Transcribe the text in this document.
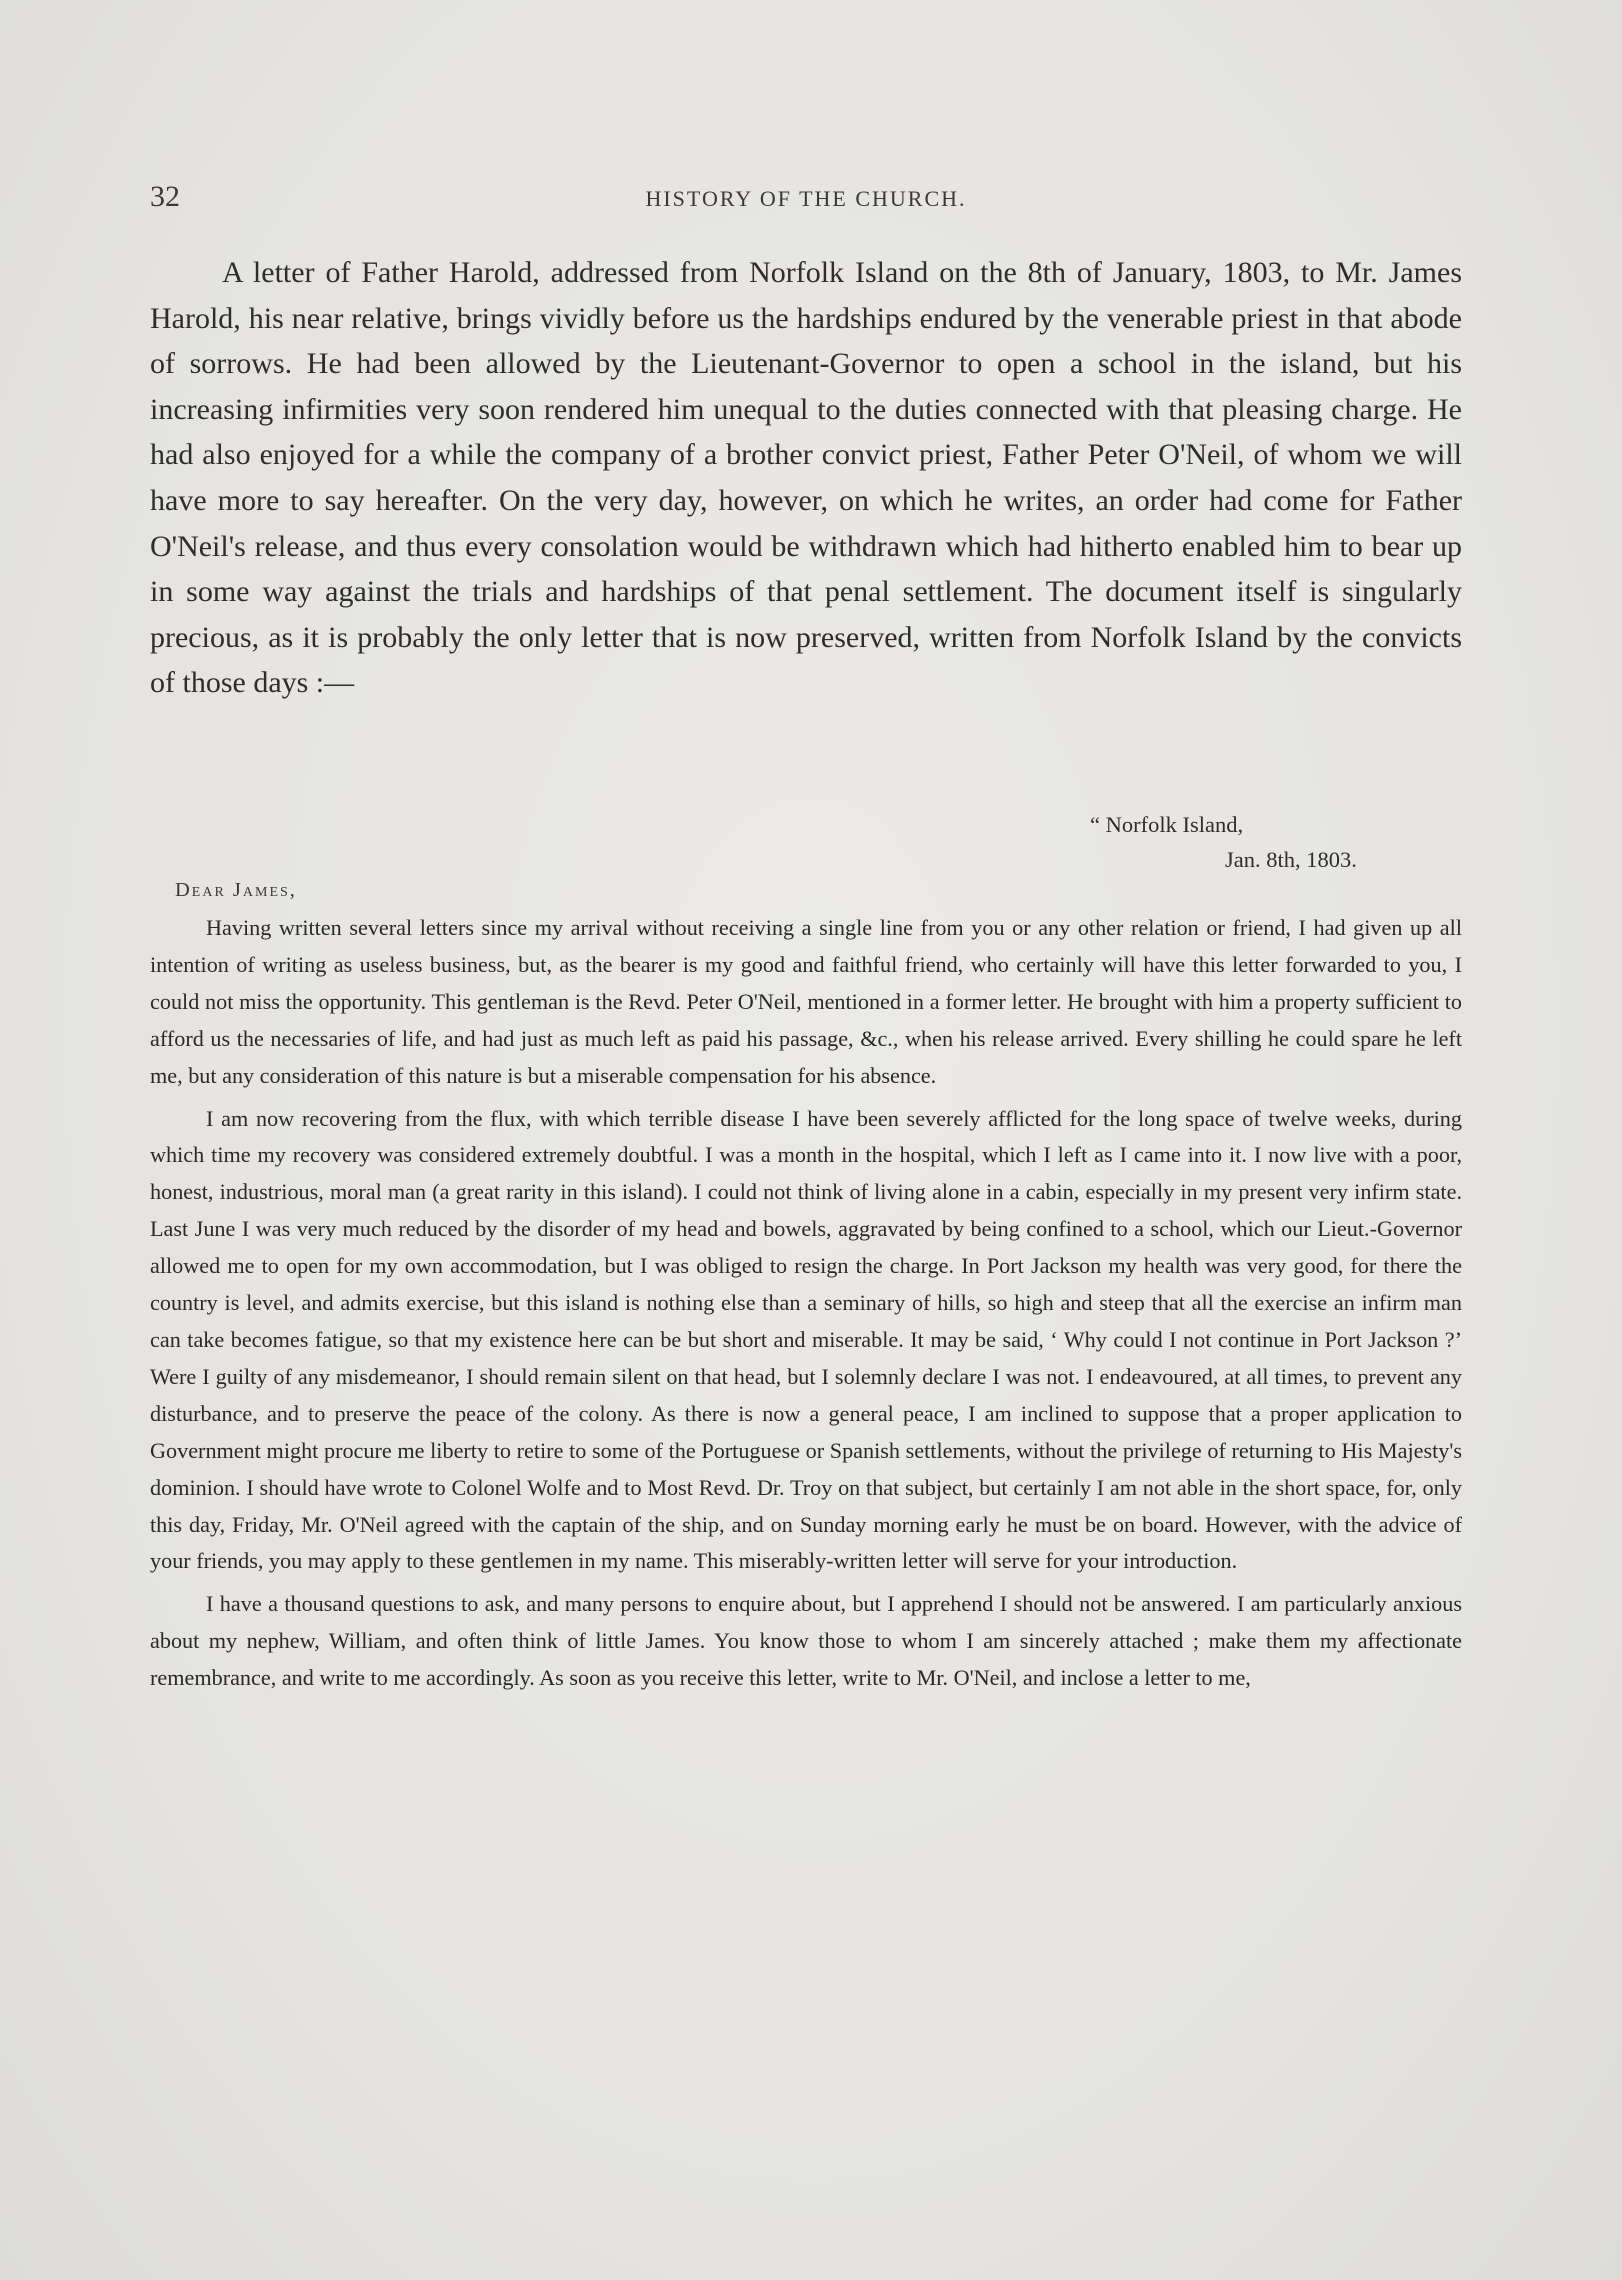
32	HISTORY OF THE CHURCH.

A letter of Father Harold, addressed from Norfolk Island on the 8th of January, 1803, to Mr. James Harold, his near relative, brings vividly before us the hardships endured by the venerable priest in that abode of sorrows. He had been allowed by the Lieutenant-Governor to open a school in the island, but his increasing infirmities very soon rendered him unequal to the duties connected with that pleasing charge. He had also enjoyed for a while the company of a brother convict priest, Father Peter O'Neil, of whom we will have more to say hereafter. On the very day, however, on which he writes, an order had come for Father O'Neil's release, and thus every consolation would be withdrawn which had hitherto enabled him to bear up in some way against the trials and hardships of that penal settlement. The document itself is singularly precious, as it is probably the only letter that is now preserved, written from Norfolk Island by the convicts of those days :—

“ Norfolk Island,
Jan. 8th, 1803.
Dear James,

Having written several letters since my arrival without receiving a single line from you or any other relation or friend, I had given up all intention of writing as useless business, but, as the bearer is my good and faithful friend, who certainly will have this letter forwarded to you, I could not miss the opportunity. This gentleman is the Revd. Peter O'Neil, mentioned in a former letter. He brought with him a property sufficient to afford us the necessaries of life, and had just as much left as paid his passage, &c., when his release arrived. Every shilling he could spare he left me, but any consideration of this nature is but a miserable compensation for his absence.

I am now recovering from the flux, with which terrible disease I have been severely afflicted for the long space of twelve weeks, during which time my recovery was considered extremely doubtful. I was a month in the hospital, which I left as I came into it. I now live with a poor, honest, industrious, moral man (a great rarity in this island). I could not think of living alone in a cabin, especially in my present very infirm state. Last June I was very much reduced by the disorder of my head and bowels, aggravated by being confined to a school, which our Lieut.-Governor allowed me to open for my own accommodation, but I was obliged to resign the charge. In Port Jackson my health was very good, for there the country is level, and admits exercise, but this island is nothing else than a seminary of hills, so high and steep that all the exercise an infirm man can take becomes fatigue, so that my existence here can be but short and miserable. It may be said, ‘ Why could I not continue in Port Jackson ?’ Were I guilty of any misdemeanor, I should remain silent on that head, but I solemnly declare I was not. I endeavoured, at all times, to prevent any disturbance, and to preserve the peace of the colony. As there is now a general peace, I am inclined to suppose that a proper application to Government might procure me liberty to retire to some of the Portuguese or Spanish settlements, without the privilege of returning to His Majesty's dominion. I should have wrote to Colonel Wolfe and to Most Revd. Dr. Troy on that subject, but certainly I am not able in the short space, for, only this day, Friday, Mr. O'Neil agreed with the captain of the ship, and on Sunday morning early he must be on board. However, with the advice of your friends, you may apply to these gentlemen in my name. This miserably-written letter will serve for your introduction.

I have a thousand questions to ask, and many persons to enquire about, but I apprehend I should not be answered. I am particularly anxious about my nephew, William, and often think of little James. You know those to whom I am sincerely attached ; make them my affectionate remembrance, and write to me accordingly. As soon as you receive this letter, write to Mr. O'Neil, and inclose a letter to me,
